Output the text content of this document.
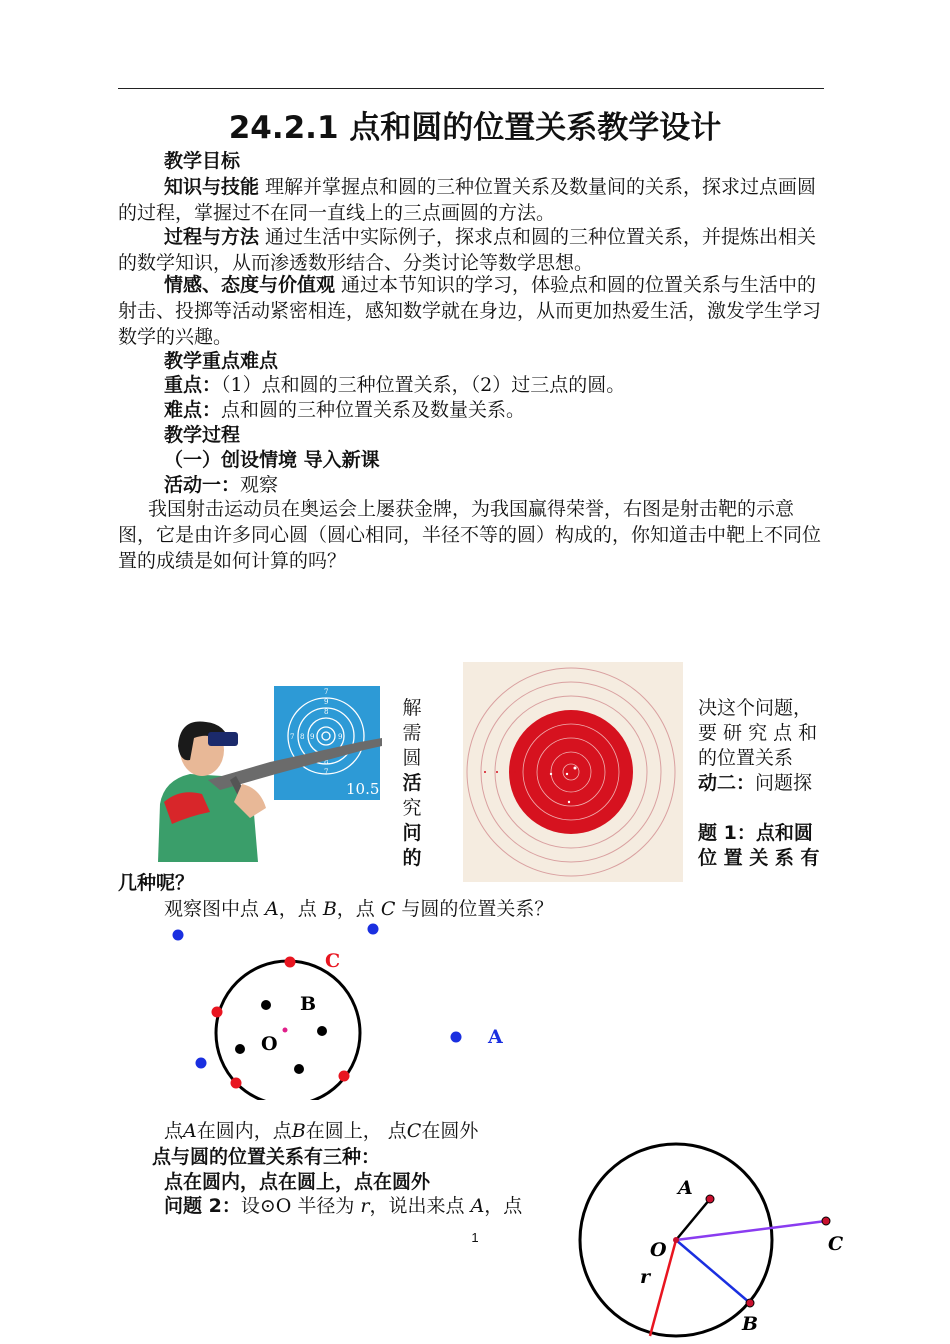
24.2.1 点和圆的位置关系教学设计

教学目标

知识与技能 理解并掌握点和圆的三种位置关系及数量间的关系，探求过点画圆的过程，掌握过不在同一直线上的三点画圆的方法。

过程与方法 通过生活中实际例子，探求点和圆的三种位置关系，并提炼出相关的数学知识，从而渗透数形结合、分类讨论等数学思想。

情感、态度与价值观 通过本节知识的学习，体验点和圆的位置关系与生活中的射击、投掷等活动紧密相连，感知数学就在身边，从而更加热爱生活，激发学生学习数学的兴趣。

教学重点难点

重点：（1）点和圆的三种位置关系，（2）过三点的圆。

难点：点和圆的三种位置关系及数量关系。

教学过程

（一）创设情境 导入新课

活动一：观察

我国射击运动员在奥运会上屡获金牌，为我国赢得荣誉，右图是射击靶的示意图，它是由许多同心圆（圆心相同，半径不等的圆）构成的，你知道击中靶上不同位置的成绩是如何计算的吗？

9
8
7
8
7 9
8
7
9
10.5
解
需
圆
活
究
问
的
决这个问题，
要 研 究 点 和
的位置关系
动二：问题探
题 1：点和圆
位 置 关 系 有

几种呢？

观察图中点 A，点 B，点 C 与圆的位置关系？

B
O
C
A

点A在圆内，点B在圆上， 点C在圆外

点与圆的位置关系有三种：

点在圆内，点在圆上，点在圆外

问题 2：设⊙O 半径为 r，说出来点 A，点

1
A
O	C
r
B
